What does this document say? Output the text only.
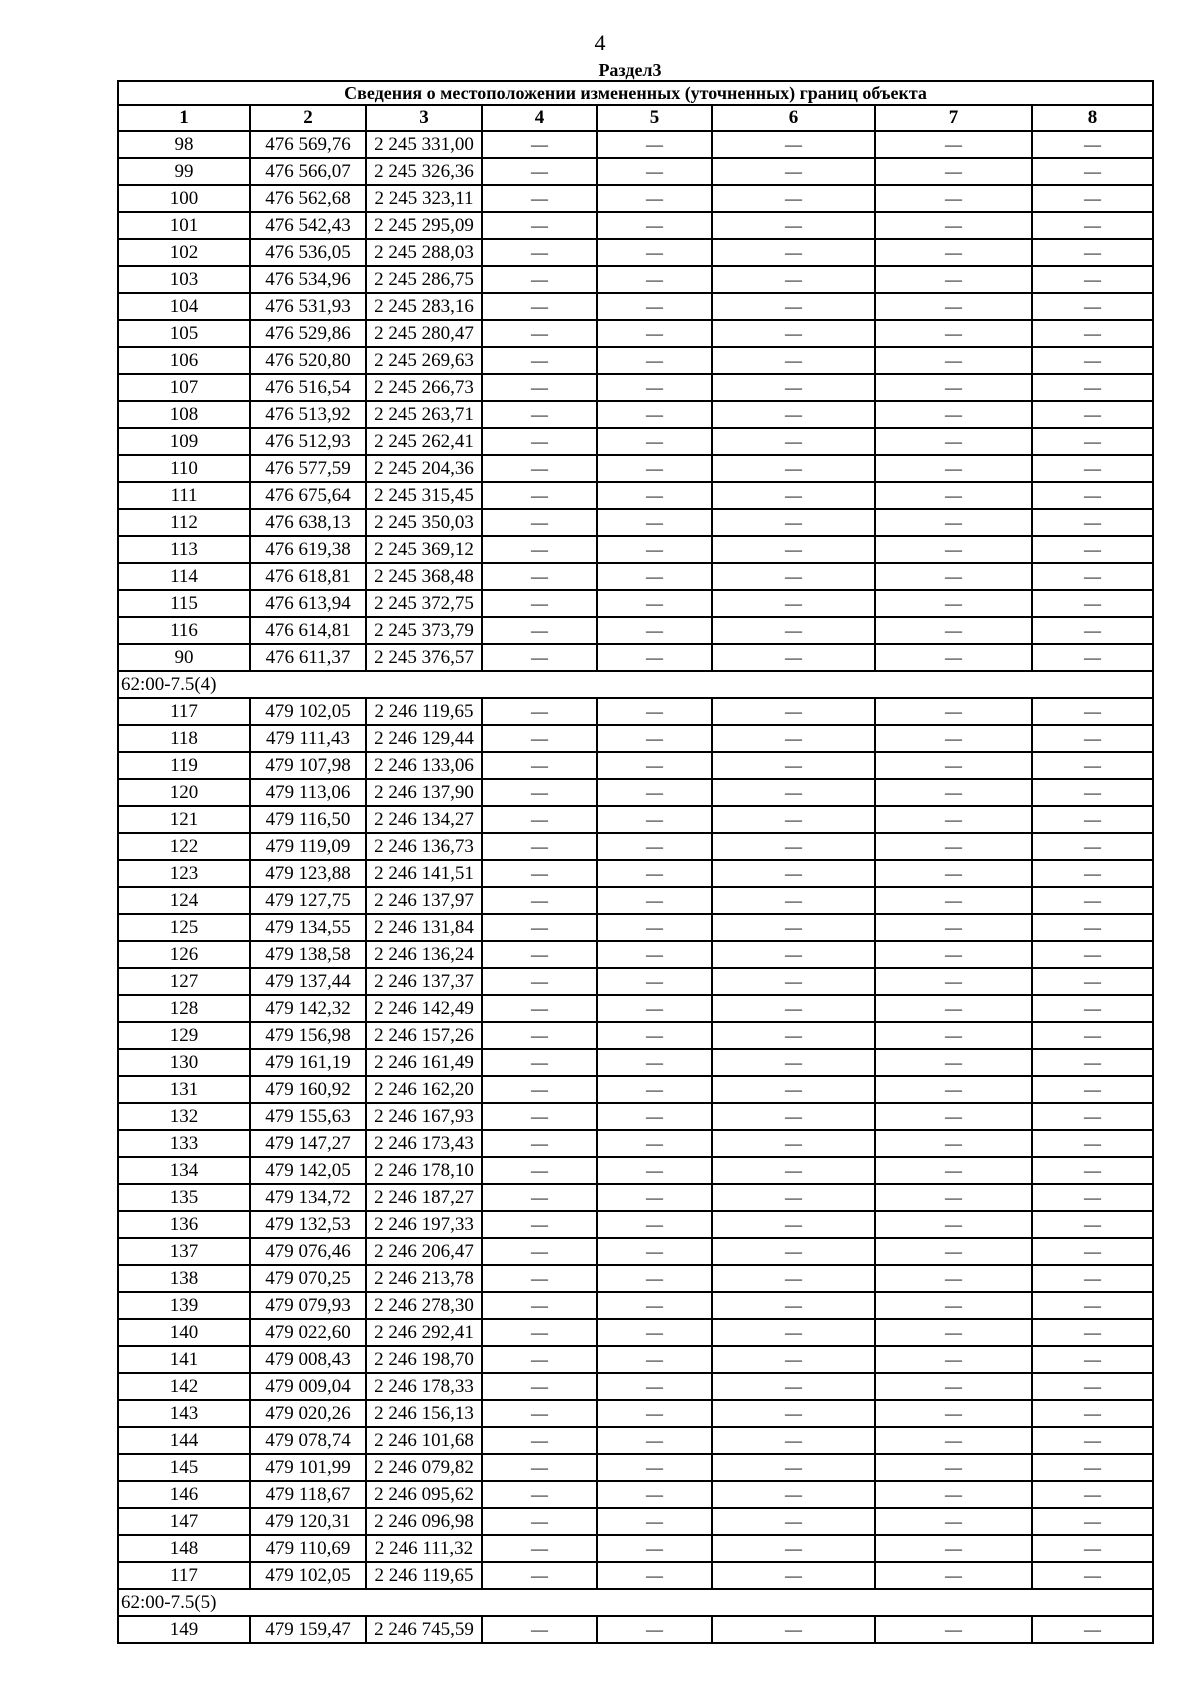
4
Раздел3
Сведения о местоположении измененных (уточненных) границ объекта							
1	2	3	4	5	6	7	8
98	476 569,76	2 245 331,00	—	—	—	—	—
99	476 566,07	2 245 326,36	—	—	—	—	—
100	476 562,68	2 245 323,11	—	—	—	—	—
101	476 542,43	2 245 295,09	—	—	—	—	—
102	476 536,05	2 245 288,03	—	—	—	—	—
103	476 534,96	2 245 286,75	—	—	—	—	—
104	476 531,93	2 245 283,16	—	—	—	—	—
105	476 529,86	2 245 280,47	—	—	—	—	—
106	476 520,80	2 245 269,63	—	—	—	—	—
107	476 516,54	2 245 266,73	—	—	—	—	—
108	476 513,92	2 245 263,71	—	—	—	—	—
109	476 512,93	2 245 262,41	—	—	—	—	—
110	476 577,59	2 245 204,36	—	—	—	—	—
111	476 675,64	2 245 315,45	—	—	—	—	—
112	476 638,13	2 245 350,03	—	—	—	—	—
113	476 619,38	2 245 369,12	—	—	—	—	—
114	476 618,81	2 245 368,48	—	—	—	—	—
115	476 613,94	2 245 372,75	—	—	—	—	—
116	476 614,81	2 245 373,79	—	—	—	—	—
90	476 611,37	2 245 376,57	—	—	—	—	—
62:00-7.5(4)							
117	479 102,05	2 246 119,65	—	—	—	—	—
118	479 111,43	2 246 129,44	—	—	—	—	—
119	479 107,98	2 246 133,06	—	—	—	—	—
120	479 113,06	2 246 137,90	—	—	—	—	—
121	479 116,50	2 246 134,27	—	—	—	—	—
122	479 119,09	2 246 136,73	—	—	—	—	—
123	479 123,88	2 246 141,51	—	—	—	—	—
124	479 127,75	2 246 137,97	—	—	—	—	—
125	479 134,55	2 246 131,84	—	—	—	—	—
126	479 138,58	2 246 136,24	—	—	—	—	—
127	479 137,44	2 246 137,37	—	—	—	—	—
128	479 142,32	2 246 142,49	—	—	—	—	—
129	479 156,98	2 246 157,26	—	—	—	—	—
130	479 161,19	2 246 161,49	—	—	—	—	—
131	479 160,92	2 246 162,20	—	—	—	—	—
132	479 155,63	2 246 167,93	—	—	—	—	—
133	479 147,27	2 246 173,43	—	—	—	—	—
134	479 142,05	2 246 178,10	—	—	—	—	—
135	479 134,72	2 246 187,27	—	—	—	—	—
136	479 132,53	2 246 197,33	—	—	—	—	—
137	479 076,46	2 246 206,47	—	—	—	—	—
138	479 070,25	2 246 213,78	—	—	—	—	—
139	479 079,93	2 246 278,30	—	—	—	—	—
140	479 022,60	2 246 292,41	—	—	—	—	—
141	479 008,43	2 246 198,70	—	—	—	—	—
142	479 009,04	2 246 178,33	—	—	—	—	—
143	479 020,26	2 246 156,13	—	—	—	—	—
144	479 078,74	2 246 101,68	—	—	—	—	—
145	479 101,99	2 246 079,82	—	—	—	—	—
146	479 118,67	2 246 095,62	—	—	—	—	—
147	479 120,31	2 246 096,98	—	—	—	—	—
148	479 110,69	2 246 111,32	—	—	—	—	—
117	479 102,05	2 246 119,65	—	—	—	—	—
62:00-7.5(5)							
149	479 159,47	2 246 745,59	—	—	—	—	—
